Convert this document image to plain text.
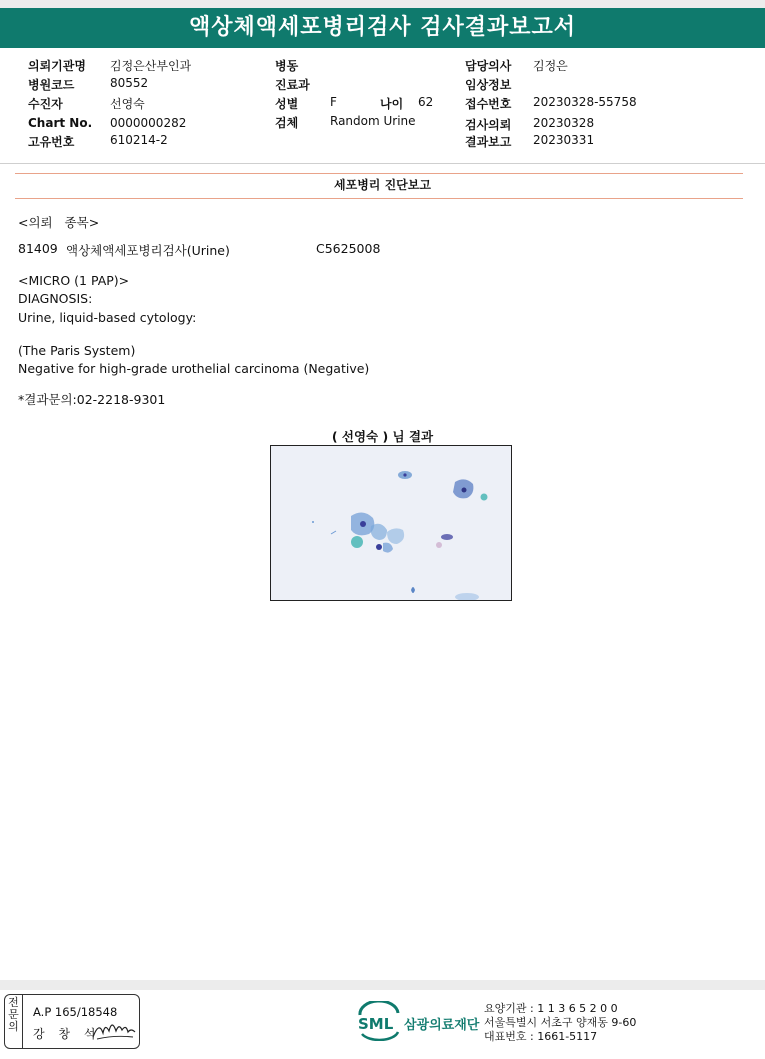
액상체액세포병리검사 검사결과보고서
의뢰기관명 김정은산부인과
병원코드	80552
수진자	선영숙
Chart No. 0000000282
고유번호	610214-2
병동
진료과
성별	F	나이 62
검체	Random Urine
담당의사 김정은
임상정보
접수번호 20230328-55758
검사의뢰 20230328
결과보고 20230331
세포병리 진단보고
<의뢰   종목>
81409 액상체액세포병리검사(Urine)	C5625008
<MICRO (1 PAP)>
DIAGNOSIS:
Urine, liquid-based cytology:
(The Paris System)
Negative for high-grade urothelial carcinoma (Negative)
*결과문의:02-2218-9301
( 선영숙 ) 님 결과
전
문
의
A.P 165/18548
강 창 석
SML 삼광의료재단
요양기관 : 1 1 3 6 5 2 0 0
서울특별시 서초구 양재동 9-60
대표번호 : 1661-5117
